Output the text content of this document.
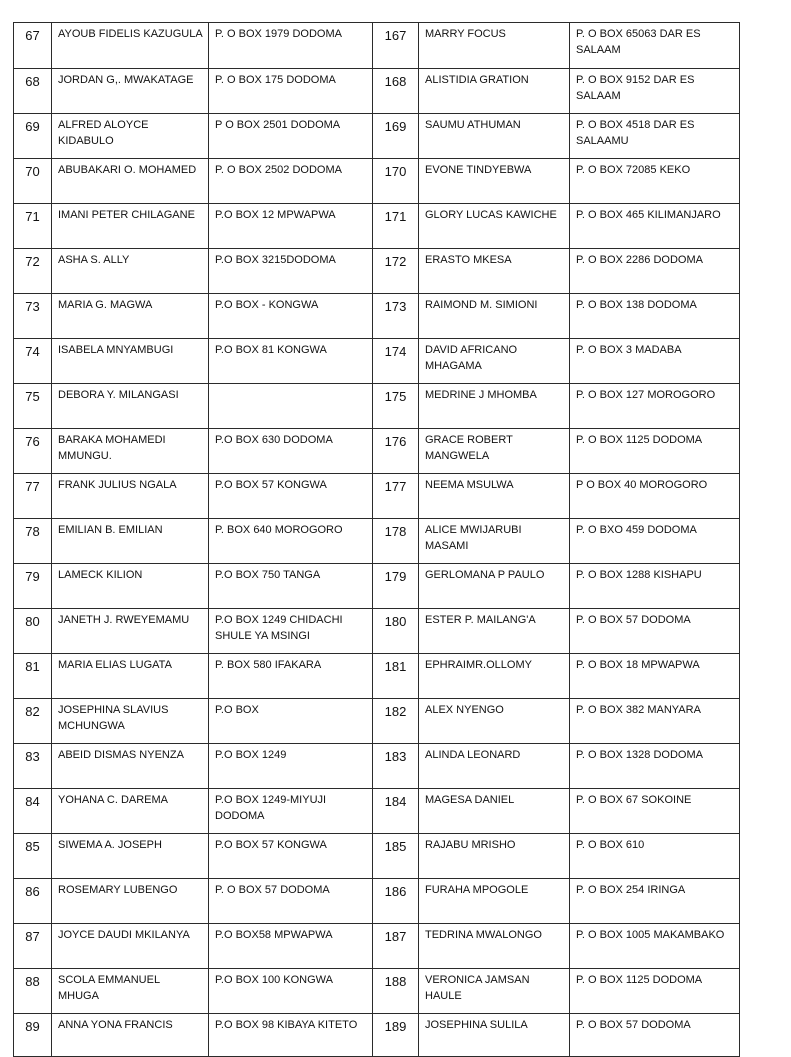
67	AYOUB FIDELIS KAZUGULA	P. O BOX 1979 DODOMA	167	MARRY FOCUS	P. O BOX 65063 DAR ES SALAAM
68	JORDAN G,. MWAKATAGE	P. O BOX 175 DODOMA	168	ALISTIDIA GRATION	P. O BOX 9152 DAR ES SALAAM
69	ALFRED ALOYCE KIDABULO	P O BOX 2501 DODOMA	169	SAUMU ATHUMAN	P. O BOX 4518 DAR ES SALAAMU
70	ABUBAKARI O. MOHAMED	P. O BOX 2502 DODOMA	170	EVONE TINDYEBWA	P. O BOX 72085 KEKO
71	IMANI PETER CHILAGANE	P.O BOX 12 MPWAPWA	171	GLORY LUCAS KAWICHE	P. O BOX 465 KILIMANJARO
72	ASHA S. ALLY	P.O BOX 3215DODOMA	172	ERASTO MKESA	P. O BOX 2286 DODOMA
73	MARIA G. MAGWA	P.O BOX - KONGWA	173	RAIMOND M. SIMIONI	P. O BOX 138 DODOMA
74	ISABELA MNYAMBUGI	P.O BOX 81 KONGWA	174	DAVID AFRICANO MHAGAMA	P. O BOX 3 MADABA
75	DEBORA Y. MILANGASI		175	MEDRINE J MHOMBA	P. O BOX 127 MOROGORO
76	BARAKA MOHAMEDI MMUNGU.	P.O BOX 630 DODOMA	176	GRACE ROBERT MANGWELA	P. O BOX 1125 DODOMA
77	FRANK JULIUS NGALA	P.O BOX 57 KONGWA	177	NEEMA MSULWA	P O BOX 40 MOROGORO
78	EMILIAN B. EMILIAN	P. BOX 640 MOROGORO	178	ALICE MWIJARUBI MASAMI	P. O BXO 459 DODOMA
79	LAMECK KILION	P.O BOX 750 TANGA	179	GERLOMANA P PAULO	P. O BOX 1288 KISHAPU
80	JANETH J. RWEYEMAMU	P.O BOX 1249 CHIDACHI SHULE YA MSINGI	180	ESTER P. MAILANG'A	P. O BOX 57 DODOMA
81	MARIA ELIAS LUGATA	P. BOX 580 IFAKARA	181	EPHRAIMR.OLLOMY	P. O BOX 18 MPWAPWA
82	JOSEPHINA SLAVIUS MCHUNGWA	P.O BOX	182	ALEX NYENGO	P. O BOX 382 MANYARA
83	ABEID DISMAS NYENZA	P.O BOX 1249	183	ALINDA LEONARD	P. O BOX 1328 DODOMA
84	YOHANA C. DAREMA	P.O BOX 1249-MIYUJI DODOMA	184	MAGESA DANIEL	P. O BOX 67 SOKOINE
85	SIWEMA A. JOSEPH	P.O BOX 57 KONGWA	185	RAJABU MRISHO	P. O BOX 610
86	ROSEMARY LUBENGO	P. O BOX 57 DODOMA	186	FURAHA MPOGOLE	P. O BOX 254 IRINGA
87	JOYCE DAUDI MKILANYA	P.O BOX58 MPWAPWA	187	TEDRINA MWALONGO	P. O BOX 1005 MAKAMBAKO
88	SCOLA EMMANUEL MHUGA	P.O BOX 100 KONGWA	188	VERONICA JAMSAN HAULE	P. O BOX 1125 DODOMA
89	ANNA YONA FRANCIS	P.O BOX 98 KIBAYA KITETO	189	JOSEPHINA SULILA	P. O BOX 57 DODOMA
